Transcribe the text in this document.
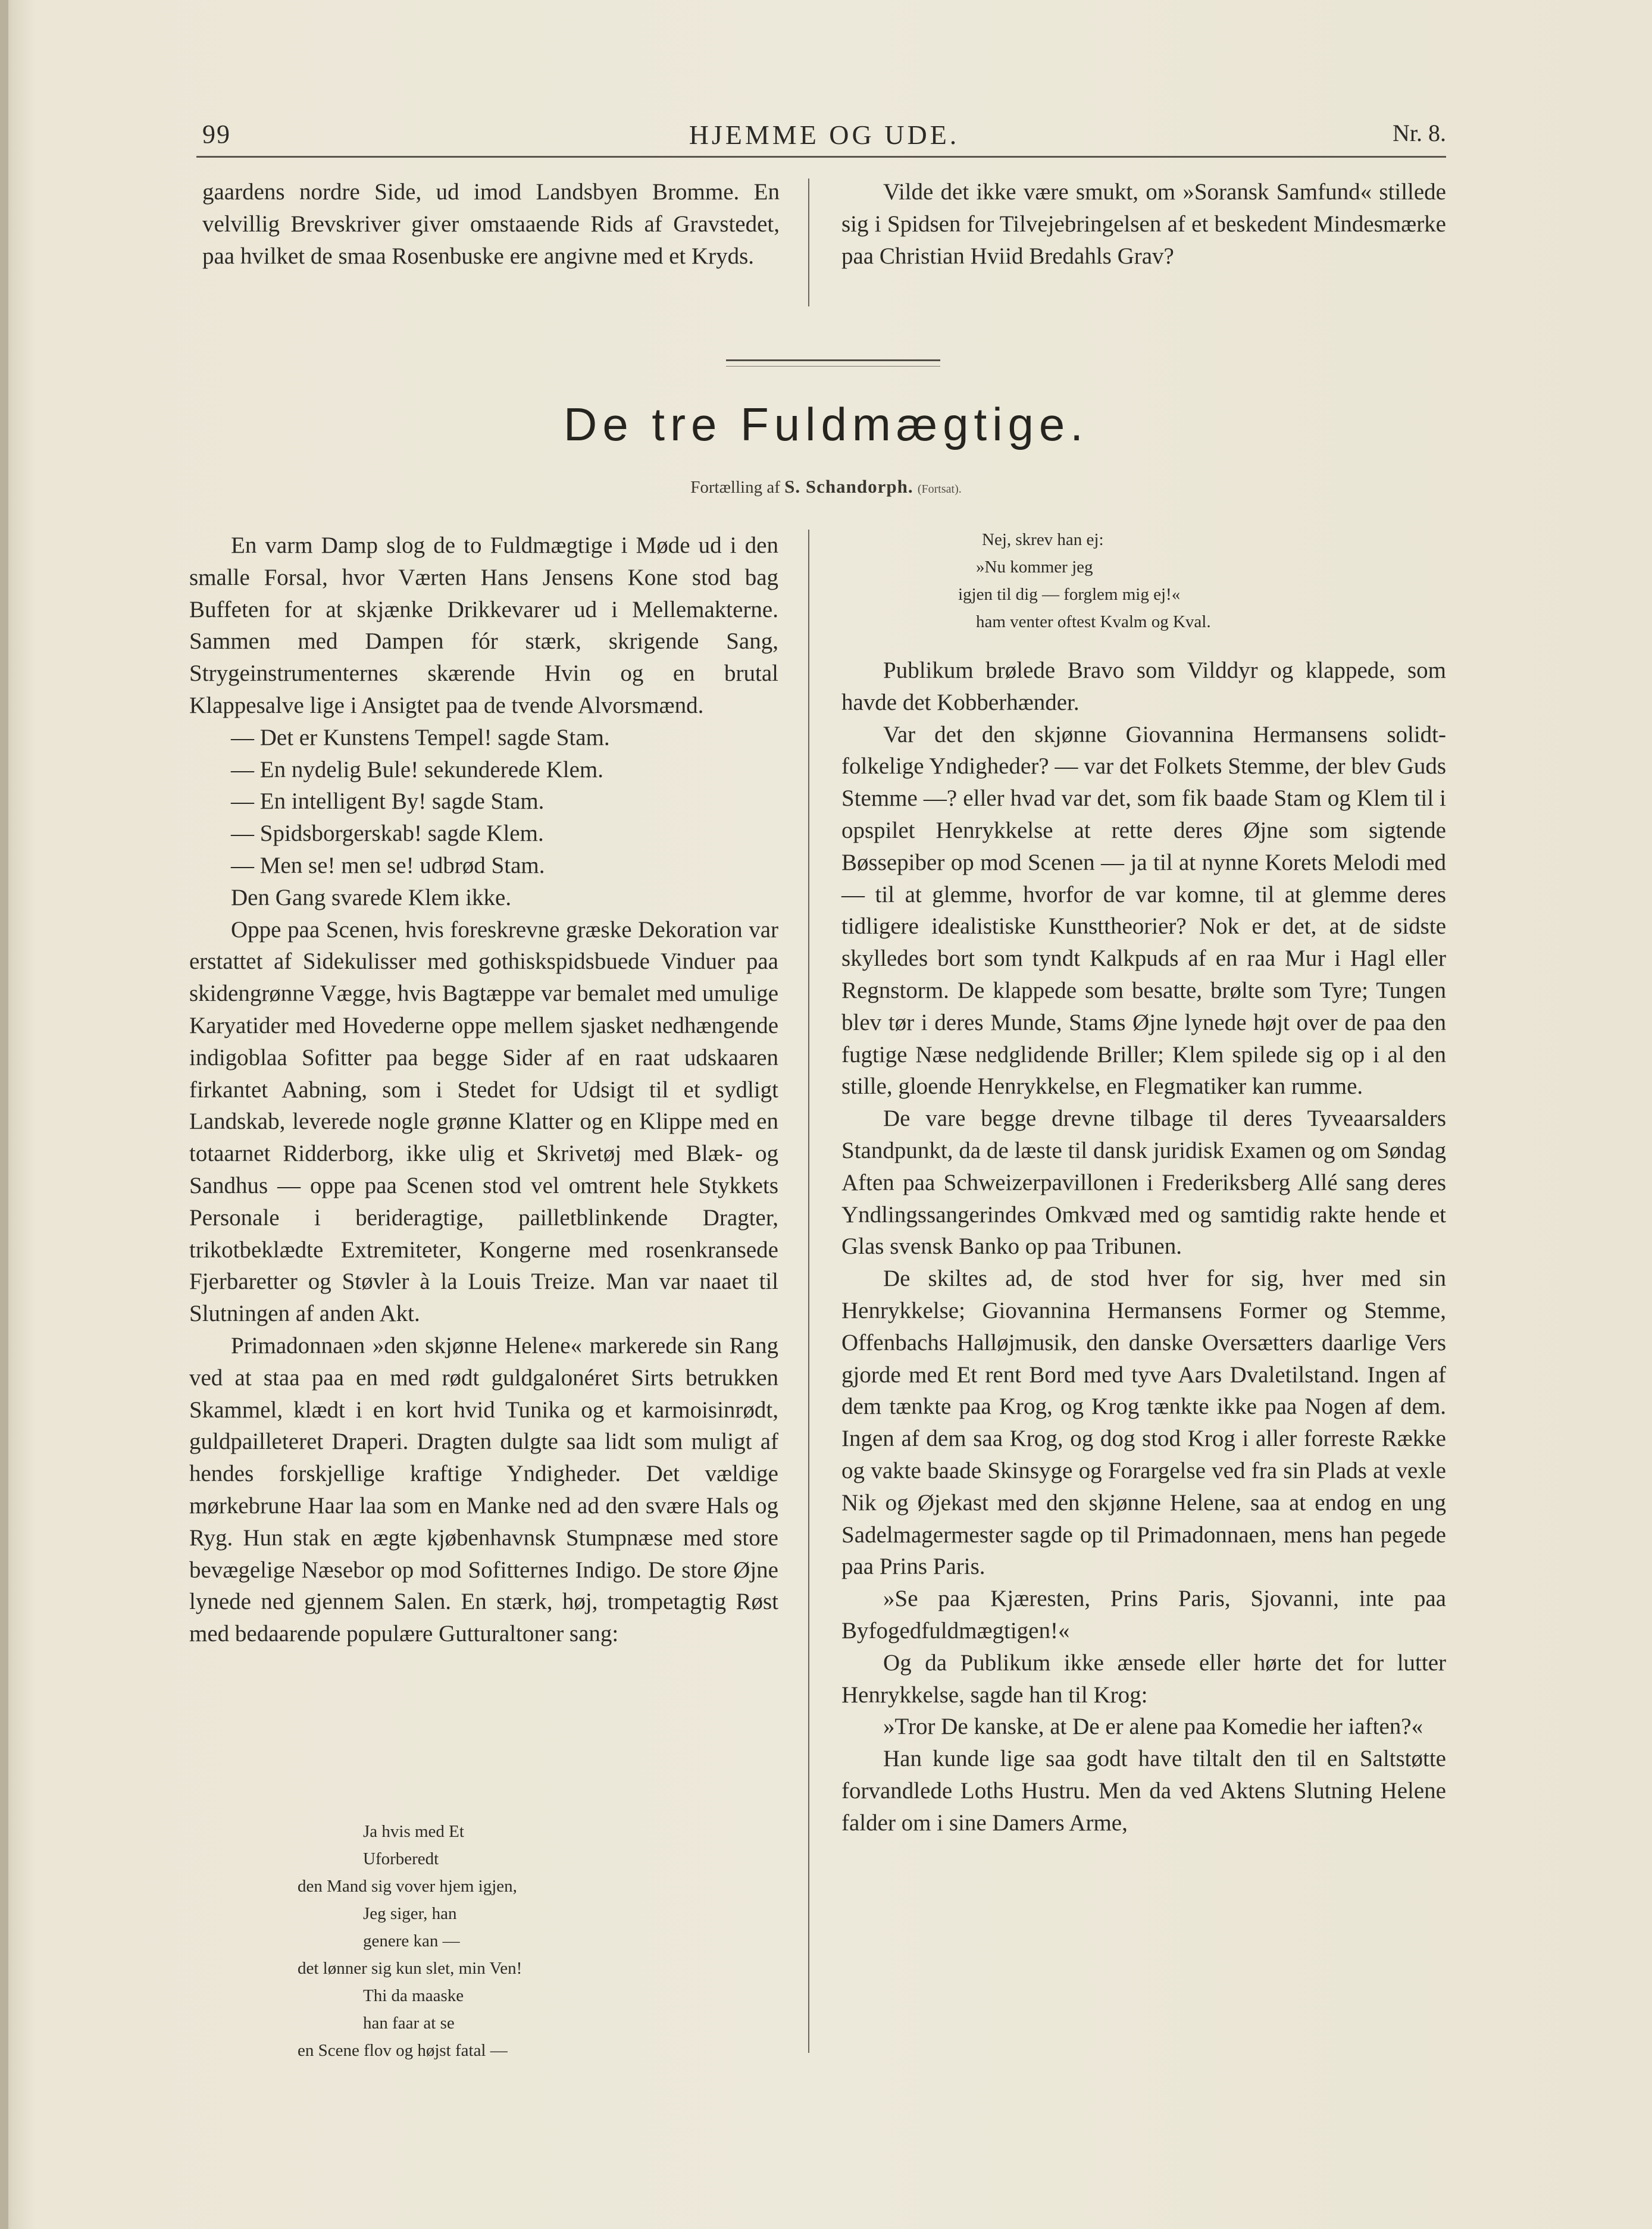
99	HJEMME OG UDE.	Nr. 8.

gaardens nordre Side, ud imod Landsbyen Bromme. En velvillig Brevskriver giver omstaaende Rids af Gravstedet, paa hvilket de smaa Rosenbuske ere angivne med et Kryds.

Vilde det ikke være smukt, om »Soransk Samfund« stillede sig i Spidsen for Tilvejebringelsen af et beskedent Mindesmærke paa Christian Hviid Bredahls Grav?

De tre Fuldmægtige.
Fortælling af S. Schandorph. (Fortsat).

En varm Damp slog de to Fuldmægtige i Møde ud i den smalle Forsal, hvor Værten Hans Jensens Kone stod bag Buffeten for at skjænke Drikkevarer ud i Mellemakterne. Sammen med Dampen fór stærk, skrigende Sang, Strygeinstrumenternes skærende Hvin og en brutal Klappesalve lige i Ansigtet paa de tvende Alvorsmænd.

— Det er Kunstens Tempel! sagde Stam.

— En nydelig Bule! sekunderede Klem.

— En intelligent By! sagde Stam.

— Spidsborgerskab! sagde Klem.

— Men se! men se! udbrød Stam.

Den Gang svarede Klem ikke.

Oppe paa Scenen, hvis foreskrevne græske Dekoration var erstattet af Sidekulisser med gothiskspidsbuede Vinduer paa skidengrønne Vægge, hvis Bagtæppe var bemalet med umulige Karyatider med Hovederne oppe mellem sjasket nedhængende indigoblaa Sofitter paa begge Sider af en raat udskaaren firkantet Aabning, som i Stedet for Udsigt til et sydligt Landskab, leverede nogle grønne Klatter og en Klippe med en totaarnet Ridderborg, ikke ulig et Skrivetøj med Blæk- og Sandhus — oppe paa Scenen stod vel omtrent hele Stykkets Personale i berideragtige, pailletblinkende Dragter, trikotbeklædte Extremiteter, Kongerne med rosenkransede Fjerbaretter og Støvler à la Louis Treize. Man var naaet til Slutningen af anden Akt.

Primadonnaen »den skjønne Helene« markerede sin Rang ved at staa paa en med rødt guldgalonéret Sirts betrukken Skammel, klædt i en kort hvid Tunika og et karmoisinrødt, guldpailleteret Draperi. Dragten dulgte saa lidt som muligt af hendes forskjellige kraftige Yndigheder. Det vældige mørkebrune Haar laa som en Manke ned ad den svære Hals og Ryg. Hun stak en ægte kjøbenhavnsk Stumpnæse med store bevægelige Næsebor op mod Sofitternes Indigo. De store Øjne lynede ned gjennem Salen. En stærk, høj, trompetagtig Røst med bedaarende populære Gutturaltoner sang:

Ja hvis med Et
Uforberedt
den Mand sig vover hjem igjen,
Jeg siger, han
genere kan —
det lønner sig kun slet, min Ven!
Thi da maaske
han faar at se
en Scene flov og højst fatal —
Nej, skrev han ej:
»Nu kommer jeg
igjen til dig — forglem mig ej!«
ham venter oftest Kvalm og Kval.

Publikum brølede Bravo som Vilddyr og klappede, som havde det Kobberhænder.

Var det den skjønne Giovannina Hermansens solidt-folkelige Yndigheder? — var det Folkets Stemme, der blev Guds Stemme —? eller hvad var det, som fik baade Stam og Klem til i opspilet Henrykkelse at rette deres Øjne som sigtende Bøssepiber op mod Scenen — ja til at nynne Korets Melodi med — til at glemme, hvorfor de var komne, til at glemme deres tidligere idealistiske Kunsttheorier? Nok er det, at de sidste skylledes bort som tyndt Kalkpuds af en raa Mur i Hagl eller Regnstorm. De klappede som besatte, brølte som Tyre; Tungen blev tør i deres Munde, Stams Øjne lynede højt over de paa den fugtige Næse nedglidende Briller; Klem spilede sig op i al den stille, gloende Henrykkelse, en Flegmatiker kan rumme.

De vare begge drevne tilbage til deres Tyveaarsalders Standpunkt, da de læste til dansk juridisk Examen og om Søndag Aften paa Schweizerpavillonen i Frederiksberg Allé sang deres Yndlingssangerindes Omkvæd med og samtidig rakte hende et Glas svensk Banko op paa Tribunen.

De skiltes ad, de stod hver for sig, hver med sin Henrykkelse; Giovannina Hermansens Former og Stemme, Offenbachs Halløjmusik, den danske Oversætters daarlige Vers gjorde med Et rent Bord med tyve Aars Dvaletilstand. Ingen af dem tænkte paa Krog, og Krog tænkte ikke paa Nogen af dem. Ingen af dem saa Krog, og dog stod Krog i aller forreste Række og vakte baade Skinsyge og Forargelse ved fra sin Plads at vexle Nik og Øjekast med den skjønne Helene, saa at endog en ung Sadelmagermester sagde op til Primadonnaen, mens han pegede paa Prins Paris.

»Se paa Kjæresten, Prins Paris, Sjovanni, inte paa Byfogedfuldmægtigen!«

Og da Publikum ikke ænsede eller hørte det for lutter Henrykkelse, sagde han til Krog:

»Tror De kanske, at De er alene paa Komedie her iaften?«

Han kunde lige saa godt have tiltalt den til en Saltstøtte forvandlede Loths Hustru. Men da ved Aktens Slutning Helene falder om i sine Damers Arme,
